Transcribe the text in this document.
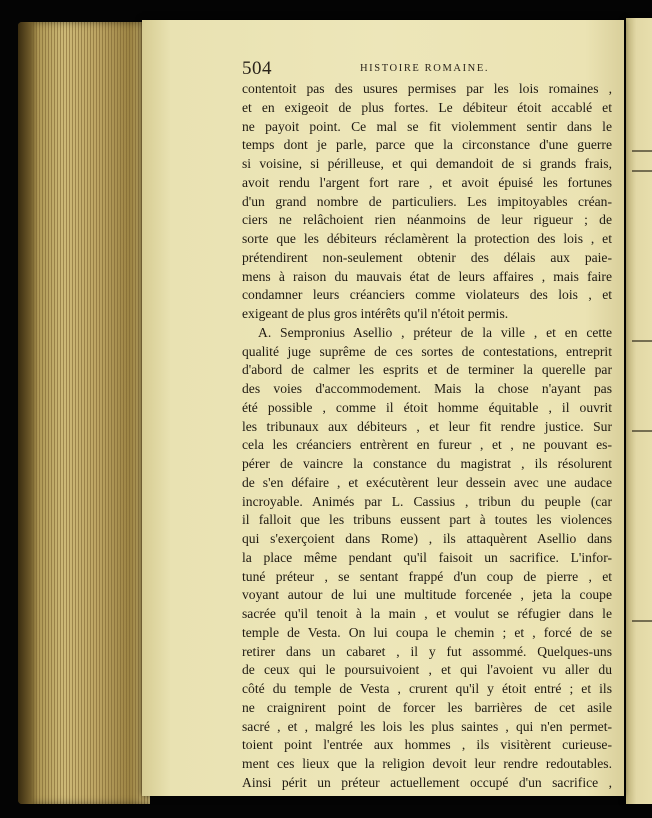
504	HISTOIRE ROMAINE.
contentoit pas des usures permises par les lois romaines ,
et en exigeoit de plus fortes. Le débiteur étoit accablé et
ne payoit point. Ce mal se fit violemment sentir dans le
temps dont je parle, parce que la circonstance d'une guerre
si voisine, si périlleuse, et qui demandoit de si grands frais,
avoit rendu l'argent fort rare , et avoit épuisé les fortunes
d'un grand nombre de particuliers. Les impitoyables créan-
ciers ne relâchoient rien néanmoins de leur rigueur ; de
sorte que les débiteurs réclamèrent la protection des lois , et
prétendirent non-seulement obtenir des délais aux paie-
mens à raison du mauvais état de leurs affaires , mais faire
condamner leurs créanciers comme violateurs des lois , et
exigeant de plus gros intérêts qu'il n'étoit permis.
A. Sempronius Asellio , préteur de la ville , et en cette
qualité juge suprême de ces sortes de contestations, entreprit
d'abord de calmer les esprits et de terminer la querelle par
des voies d'accommodement. Mais la chose n'ayant pas
été possible , comme il étoit homme équitable , il ouvrit
les tribunaux aux débiteurs , et leur fit rendre justice. Sur
cela les créanciers entrèrent en fureur , et , ne pouvant es-
pérer de vaincre la constance du magistrat , ils résolurent
de s'en défaire , et exécutèrent leur dessein avec une audace
incroyable. Animés par L. Cassius , tribun du peuple (car
il falloit que les tribuns eussent part à toutes les violences
qui s'exerçoient dans Rome) , ils attaquèrent Asellio dans
la place même pendant qu'il faisoit un sacrifice. L'infor-
tuné préteur , se sentant frappé d'un coup de pierre , et
voyant autour de lui une multitude forcenée , jeta la coupe
sacrée qu'il tenoit à la main , et voulut se réfugier dans le
temple de Vesta. On lui coupa le chemin ; et , forcé de se
retirer dans un cabaret , il y fut assommé. Quelques-uns
de ceux qui le poursuivoient , et qui l'avoient vu aller du
côté du temple de Vesta , crurent qu'il y étoit entré ; et ils
ne craignirent point de forcer les barrières de cet asile
sacré , et , malgré les lois les plus saintes , qui n'en permet-
toient point l'entrée aux hommes , ils visitèrent curieuse-
ment ces lieux que la religion devoit leur rendre redoutables.
Ainsi périt un préteur actuellement occupé d'un sacrifice ,
